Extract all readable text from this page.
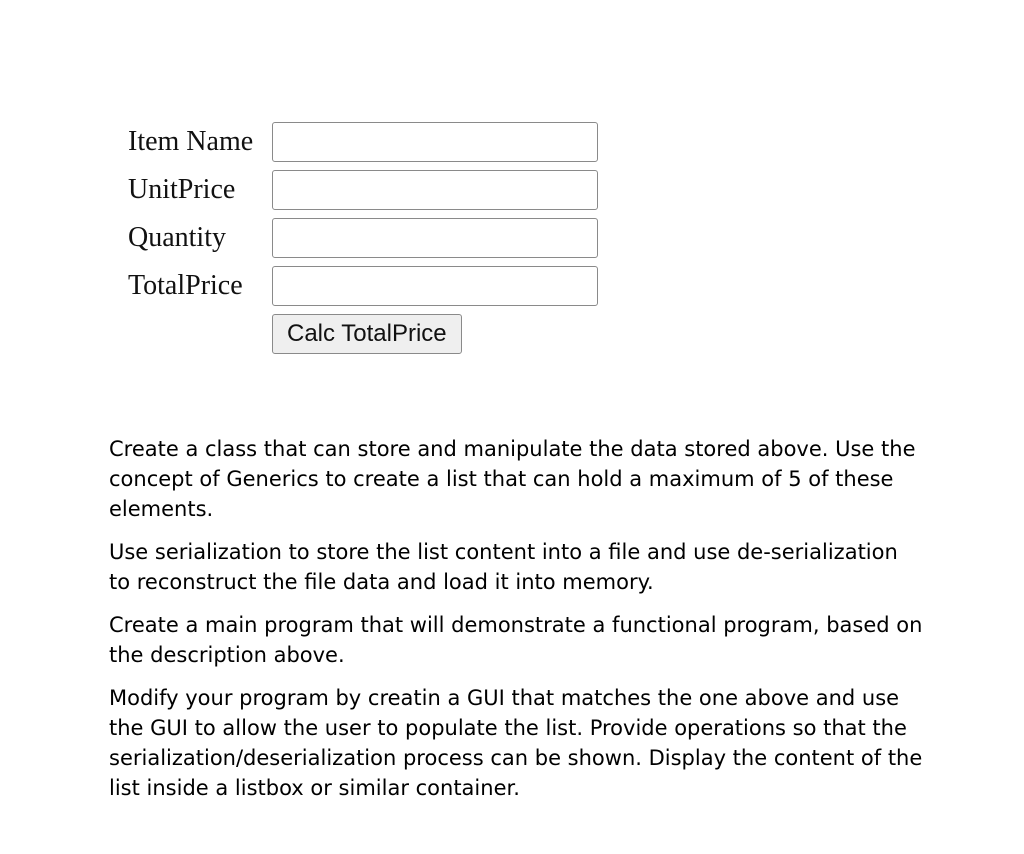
Item Name
UnitPrice
Quantity
TotalPrice
Calc TotalPrice

Create a class that can store and manipulate the data stored above. Use the concept of Generics to create a list that can hold a maximum of 5 of these elements.

Use serialization to store the list content into a file and use de-serialization to reconstruct the file data and load it into memory.

Create a main program that will demonstrate a functional program, based on the description above.

Modify your program by creatin a GUI that matches the one above and use the GUI to allow the user to populate the list. Provide operations so that the serialization/deserialization process can be shown. Display the content of the list inside a listbox or similar container.
